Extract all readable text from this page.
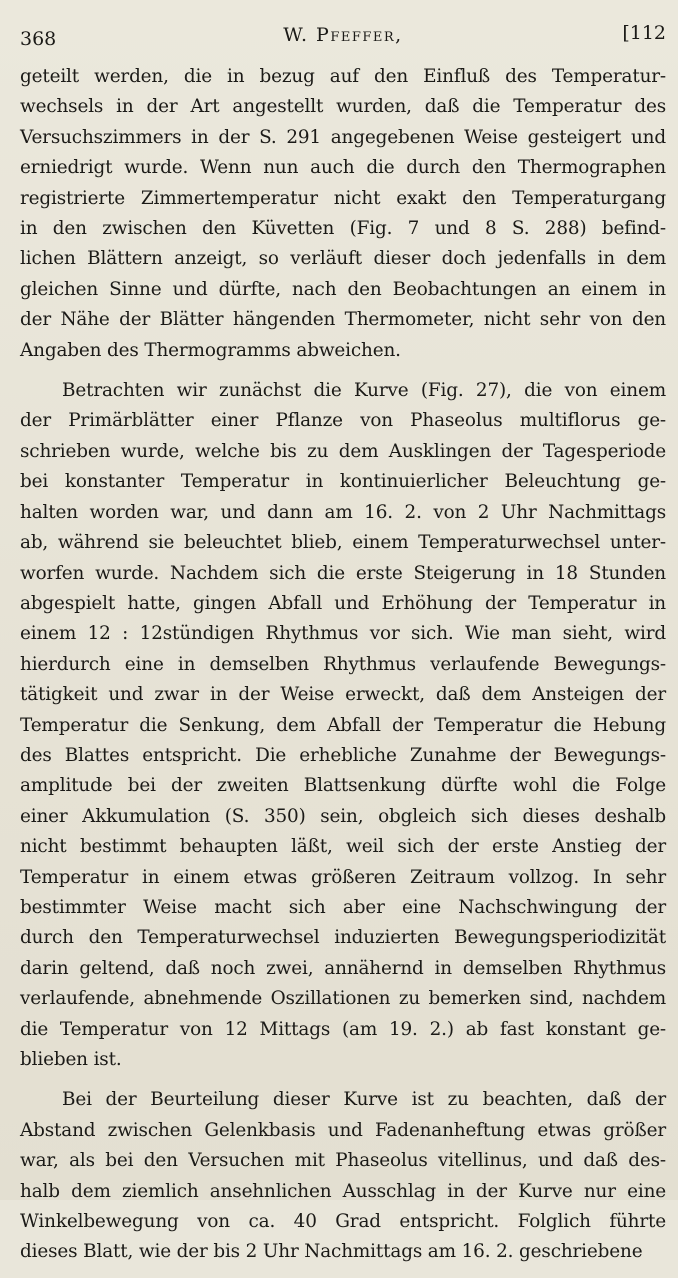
368	W. Pfeffer,	[112
geteilt werden, die in bezug auf den Einfluß des Temperatur-
wechsels in der Art angestellt wurden, daß die Temperatur des
Versuchszimmers in der S. 291 angegebenen Weise gesteigert und
erniedrigt wurde. Wenn nun auch die durch den Thermographen
registrierte Zimmertemperatur nicht exakt den Temperaturgang
in den zwischen den Küvetten (Fig. 7 und 8 S. 288) befind-
lichen Blättern anzeigt, so verläuft dieser doch jedenfalls in dem
gleichen Sinne und dürfte, nach den Beobachtungen an einem in
der Nähe der Blätter hängenden Thermometer, nicht sehr von den
Angaben des Thermogramms abweichen.
Betrachten wir zunächst die Kurve (Fig. 27), die von einem
der Primärblätter einer Pflanze von Phaseolus multiflorus ge-
schrieben wurde, welche bis zu dem Ausklingen der Tagesperiode
bei konstanter Temperatur in kontinuierlicher Beleuchtung ge-
halten worden war, und dann am 16. 2. von 2 Uhr Nachmittags
ab, während sie beleuchtet blieb, einem Temperaturwechsel unter-
worfen wurde. Nachdem sich die erste Steigerung in 18 Stunden
abgespielt hatte, gingen Abfall und Erhöhung der Temperatur in
einem 12 : 12stündigen Rhythmus vor sich. Wie man sieht, wird
hierdurch eine in demselben Rhythmus verlaufende Bewegungs-
tätigkeit und zwar in der Weise erweckt, daß dem Ansteigen der
Temperatur die Senkung, dem Abfall der Temperatur die Hebung
des Blattes entspricht. Die erhebliche Zunahme der Bewegungs-
amplitude bei der zweiten Blattsenkung dürfte wohl die Folge
einer Akkumulation (S. 350) sein, obgleich sich dieses deshalb
nicht bestimmt behaupten läßt, weil sich der erste Anstieg der
Temperatur in einem etwas größeren Zeitraum vollzog. In sehr
bestimmter Weise macht sich aber eine Nachschwingung der
durch den Temperaturwechsel induzierten Bewegungsperiodizität
darin geltend, daß noch zwei, annähernd in demselben Rhythmus
verlaufende, abnehmende Oszillationen zu bemerken sind, nachdem
die Temperatur von 12 Mittags (am 19. 2.) ab fast konstant ge-
blieben ist.
Bei der Beurteilung dieser Kurve ist zu beachten, daß der
Abstand zwischen Gelenkbasis und Fadenanheftung etwas größer
war, als bei den Versuchen mit Phaseolus vitellinus, und daß des-
halb dem ziemlich ansehnlichen Ausschlag in der Kurve nur eine
Winkelbewegung von ca. 40 Grad entspricht. Folglich führte
dieses Blatt, wie der bis 2 Uhr Nachmittags am 16. 2. geschriebene
